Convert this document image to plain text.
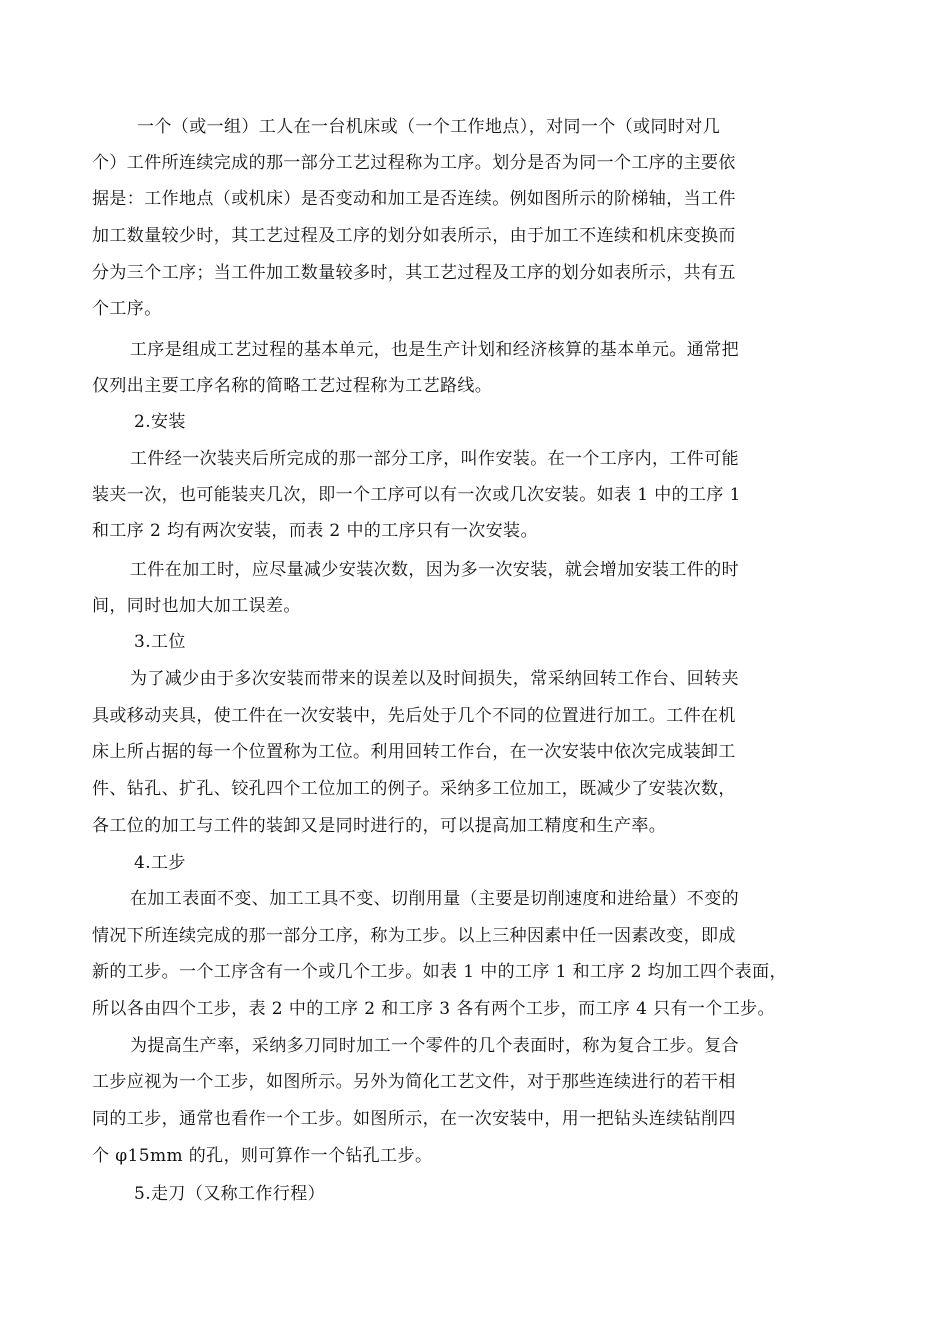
一个（或一组）工人在一台机床或（一个工作地点），对同一个（或同时对几
个）工件所连续完成的那一部分工艺过程称为工序。划分是否为同一个工序的主要依
据是：工作地点（或机床）是否变动和加工是否连续。例如图所示的阶梯轴，当工件
加工数量较少时，其工艺过程及工序的划分如表所示，由于加工不连续和机床变换而
分为三个工序；当工件加工数量较多时，其工艺过程及工序的划分如表所示，共有五
个工序。
工序是组成工艺过程的基本单元，也是生产计划和经济核算的基本单元。通常把
仅列出主要工序名称的简略工艺过程称为工艺路线。
2.安装
工件经一次装夹后所完成的那一部分工序，叫作安装。在一个工序内，工件可能
装夹一次，也可能装夹几次，即一个工序可以有一次或几次安装。如表 1 中的工序 1
和工序 2 均有两次安装，而表 2 中的工序只有一次安装。
工件在加工时，应尽量减少安装次数，因为多一次安装，就会增加安装工件的时
间，同时也加大加工误差。
3.工位
为了减少由于多次安装而带来的误差以及时间损失，常采纳回转工作台、回转夹
具或移动夹具，使工件在一次安装中，先后处于几个不同的位置进行加工。工件在机
床上所占据的每一个位置称为工位。利用回转工作台，在一次安装中依次完成装卸工
件、钻孔、扩孔、铰孔四个工位加工的例子。采纳多工位加工，既减少了安装次数，
各工位的加工与工件的装卸又是同时进行的，可以提高加工精度和生产率。
4.工步
在加工表面不变、加工工具不变、切削用量（主要是切削速度和进给量）不变的
情况下所连续完成的那一部分工序，称为工步。以上三种因素中任一因素改变，即成
新的工步。一个工序含有一个或几个工步。如表 1 中的工序 1 和工序 2 均加工四个表面，
所以各由四个工步，表 2 中的工序 2 和工序 3 各有两个工步，而工序 4 只有一个工步。
为提高生产率，采纳多刀同时加工一个零件的几个表面时，称为复合工步。复合
工步应视为一个工步，如图所示。另外为简化工艺文件，对于那些连续进行的若干相
同的工步，通常也看作一个工步。如图所示，在一次安装中，用一把钻头连续钻削四
个 φ15mm 的孔，则可算作一个钻孔工步。
5.走刀（又称工作行程）
